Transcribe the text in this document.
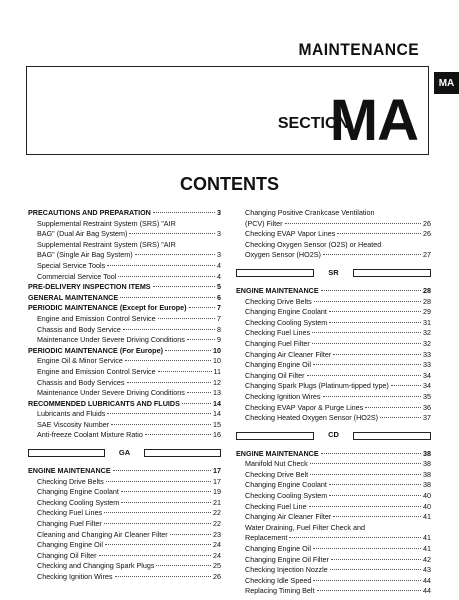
MAINTENANCE
MA
SECTION
MA
CONTENTS
PRECAUTIONS AND PREPARATION	3
Supplemental Restraint System (SRS) "AIR
BAG" (Dual Air Bag System)	3
Supplemental Restraint System (SRS) "AIR
BAG" (Single Air Bag System)	3
Special Service Tools	4
Commercial Service Tool	4
PRE-DELIVERY INSPECTION ITEMS	5
GENERAL MAINTENANCE	6
PERIODIC MAINTENANCE (Except for Europe)	7
Engine and Emission Control Service	7
Chassis and Body Service	8
Maintenance Under Severe Driving Conditions	9
PERIODIC MAINTENANCE (For Europe)	10
Engine Oil & Minor Service	10
Engine and Emission Control Service	11
Chassis and Body Services	12
Maintenance Under Severe Driving Conditions	13
RECOMMENDED LUBRICANTS AND FLUIDS	14
Lubricants and Fluids	14
SAE Viscosity Number	15
Anti-freeze Coolant Mixture Ratio	16
GA
ENGINE MAINTENANCE	17
Checking Drive Belts	17
Changing Engine Coolant	19
Checking Cooling System	21
Checking Fuel Lines	22
Changing Fuel Filter	22
Cleaning and Changing Air Cleaner Filter	23
Changing Engine Oil	24
Changing Oil Filter	24
Checking and Changing Spark Plugs	25
Checking Ignition Wires	26
Changing Positive Crankcase Ventilation
(PCV) Filter	26
Checking EVAP Vapor Lines	26
Checking Oxygen Sensor (O2S) or Heated
Oxygen Sensor (HO2S)	27
SR
ENGINE MAINTENANCE	28
Checking Drive Belts	28
Changing Engine Coolant	29
Checking Cooling System	31
Checking Fuel Lines	32
Changing Fuel Filter	32
Changing Air Cleaner Filter	33
Changing Engine Oil	33
Changing Oil Filter	34
Changing Spark Plugs (Platinum-tipped type)	34
Checking Ignition Wires	35
Checking EVAP Vapor & Purge Lines	36
Checking Heated Oxygen Sensor (HO2S)	37
CD
ENGINE MAINTENANCE	38
Manifold Nut Check	38
Checking Drive Belt	38
Changing Engine Coolant	38
Checking Cooling System	40
Checking Fuel Line	40
Changing Air Cleaner Filter	41
Water Draining, Fuel Filter Check and
Replacement	41
Changing Engine Oil	41
Changing Engine Oil Filter	42
Checking Injection Nozzle	43
Checking Idle Speed	44
Replacing Timing Belt	44
